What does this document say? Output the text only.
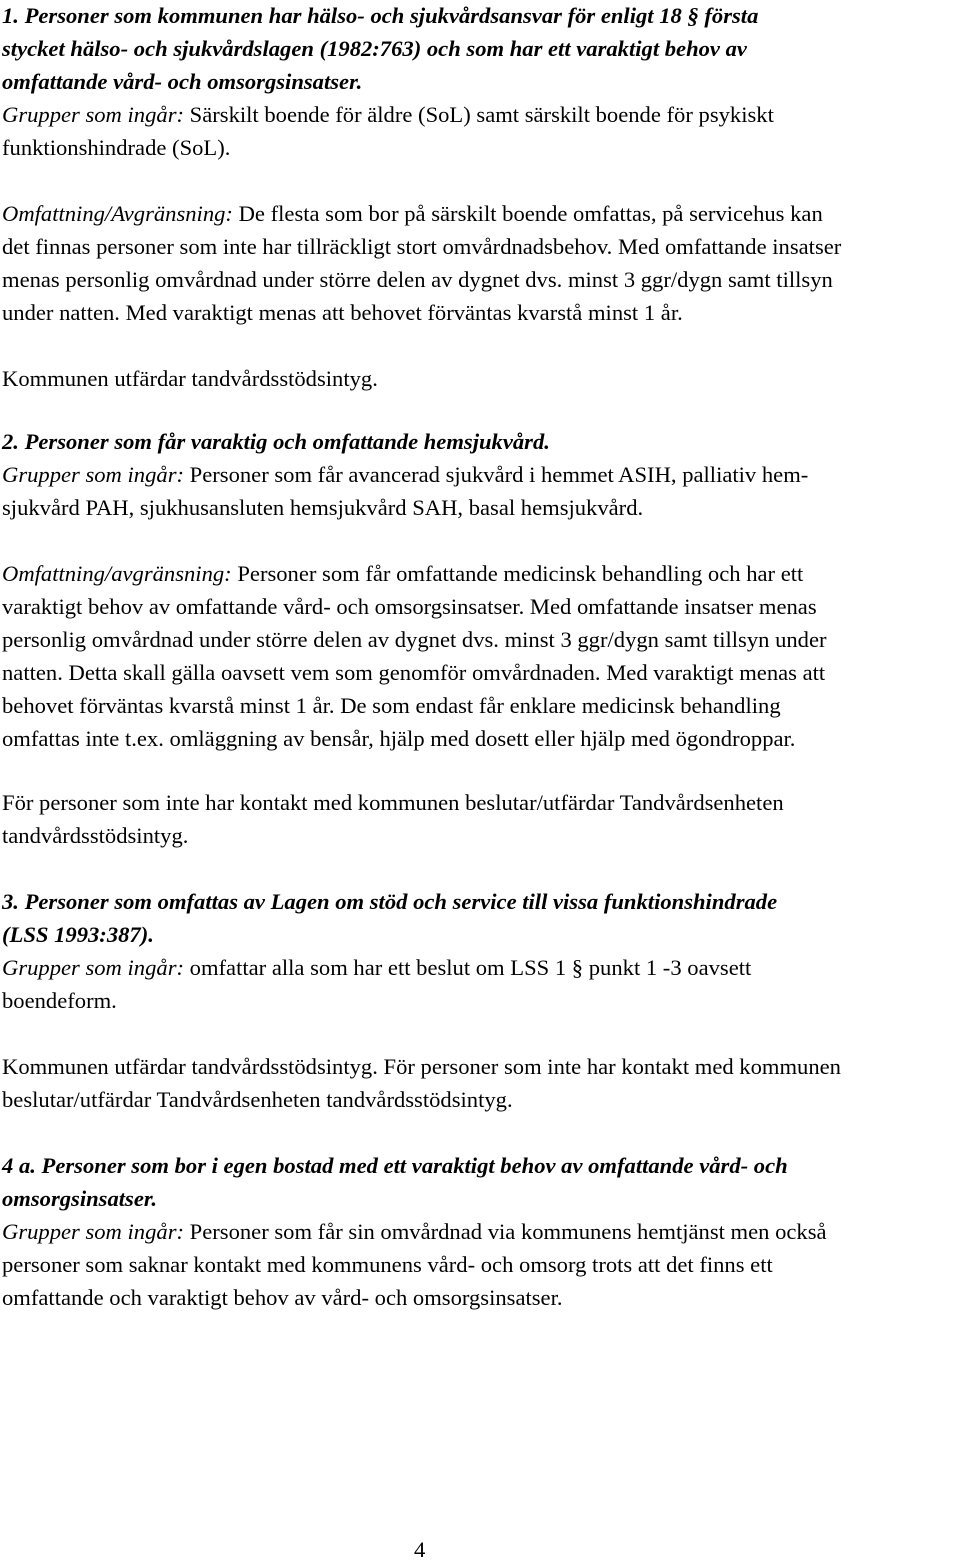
1. Personer som kommunen har hälso- och sjukvårdsansvar för enligt 18 § första
stycket hälso- och sjukvårdslagen (1982:763) och som har ett varaktigt behov av
omfattande vård- och omsorgsinsatser.
Grupper som ingår: Särskilt boende för äldre (SoL) samt särskilt boende för psykiskt
funktionshindrade (SoL).
Omfattning/Avgränsning: De flesta som bor på särskilt boende omfattas, på servicehus kan
det finnas personer som inte har tillräckligt stort omvårdnadsbehov. Med omfattande insatser
menas personlig omvårdnad under större delen av dygnet dvs. minst 3 ggr/dygn samt tillsyn
under natten. Med varaktigt menas att behovet förväntas kvarstå minst 1 år.
Kommunen utfärdar tandvårdsstödsintyg.
2. Personer som får varaktig och omfattande hemsjukvård.
Grupper som ingår: Personer som får avancerad sjukvård i hemmet ASIH, palliativ hem-
sjukvård PAH, sjukhusansluten hemsjukvård SAH, basal hemsjukvård.
Omfattning/avgränsning: Personer som får omfattande medicinsk behandling och har ett
varaktigt behov av omfattande vård- och omsorgsinsatser. Med omfattande insatser menas
personlig omvårdnad under större delen av dygnet dvs. minst 3 ggr/dygn samt tillsyn under
natten. Detta skall gälla oavsett vem som genomför omvårdnaden. Med varaktigt menas att
behovet förväntas kvarstå minst 1 år. De som endast får enklare medicinsk behandling
omfattas inte t.ex. omläggning av bensår, hjälp med dosett eller hjälp med ögondroppar.
För personer som inte har kontakt med kommunen beslutar/utfärdar Tandvårdsenheten
tandvårdsstödsintyg.
3. Personer som omfattas av Lagen om stöd och service till vissa funktionshindrade
(LSS 1993:387).
Grupper som ingår: omfattar alla som har ett beslut om LSS 1 § punkt 1 -3 oavsett
boendeform.
Kommunen utfärdar tandvårdsstödsintyg. För personer som inte har kontakt med kommunen
beslutar/utfärdar Tandvårdsenheten tandvårdsstödsintyg.
4 a. Personer som bor i egen bostad med ett varaktigt behov av omfattande vård- och
omsorgsinsatser.
Grupper som ingår: Personer som får sin omvårdnad via kommunens hemtjänst men också
personer som saknar kontakt med kommunens vård- och omsorg trots att det finns ett
omfattande och varaktigt behov av vård- och omsorgsinsatser.
4
